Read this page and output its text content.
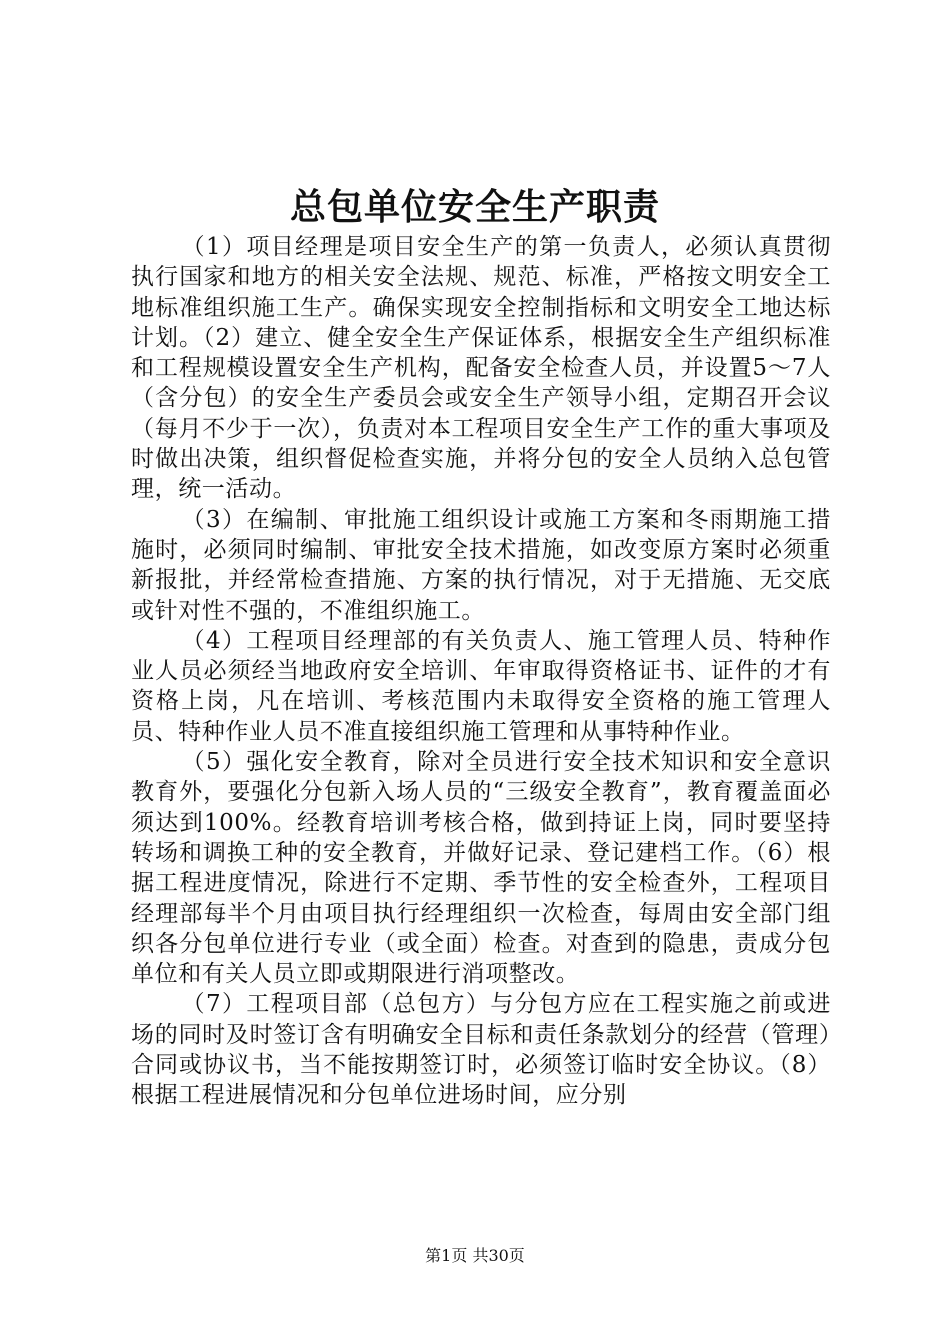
总包单位安全生产职责

（1）项目经理是项目安全生产的第一负责人，必须认真贯彻执行国家和地方的相关安全法规、规范、标准，严格按文明安全工地标准组织施工生产。确保实现安全控制指标和文明安全工地达标计划。（2）建立、健全安全生产保证体系，根据安全生产组织标准和工程规模设置安全生产机构，配备安全检查人员，并设置5～7人（含分包）的安全生产委员会或安全生产领导小组，定期召开会议（每月不少于一次），负责对本工程项目安全生产工作的重大事项及时做出决策，组织督促检查实施，并将分包的安全人员纳入总包管理，统一活动。

（3）在编制、审批施工组织设计或施工方案和冬雨期施工措施时，必须同时编制、审批安全技术措施，如改变原方案时必须重新报批，并经常检查措施、方案的执行情况，对于无措施、无交底或针对性不强的，不准组织施工。

（4）工程项目经理部的有关负责人、施工管理人员、特种作业人员必须经当地政府安全培训、年审取得资格证书、证件的才有资格上岗，凡在培训、考核范围内未取得安全资格的施工管理人员、特种作业人员不准直接组织施工管理和从事特种作业。

（5）强化安全教育，除对全员进行安全技术知识和安全意识教育外，要强化分包新入场人员的“三级安全教育”，教育覆盖面必须达到100%。经教育培训考核合格，做到持证上岗，同时要坚持转场和调换工种的安全教育，并做好记录、登记建档工作。（6）根据工程进度情况，除进行不定期、季节性的安全检查外，工程项目经理部每半个月由项目执行经理组织一次检查，每周由安全部门组织各分包单位进行专业（或全面）检查。对查到的隐患，责成分包单位和有关人员立即或期限进行消项整改。

（7）工程项目部（总包方）与分包方应在工程实施之前或进场的同时及时签订含有明确安全目标和责任条款划分的经营（管理）合同或协议书，当不能按期签订时，必须签订临时安全协议。（8）根据工程进展情况和分包单位进场时间，应分别

第1页 共30页
